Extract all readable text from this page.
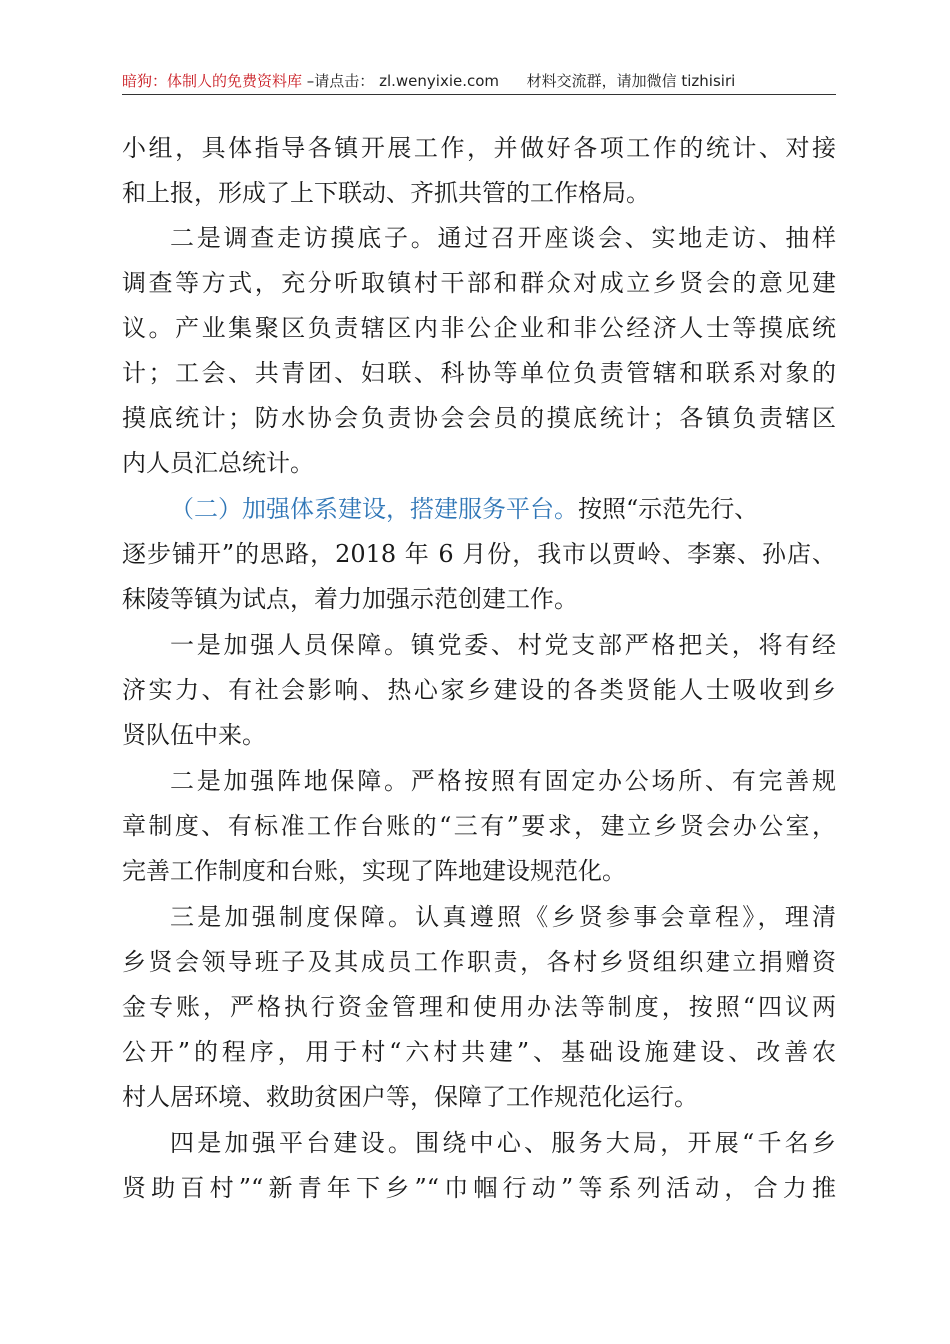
暗狗：体制人的免费资料库 –请点击： zl.wenyixie.com 材料交流群，请加微信 tizhisiri
小组，具体指导各镇开展工作，并做好各项工作的统计、对接
和上报，形成了上下联动、齐抓共管的工作格局。
二是调查走访摸底子。通过召开座谈会、实地走访、抽样
调查等方式，充分听取镇村干部和群众对成立乡贤会的意见建
议。产业集聚区负责辖区内非公企业和非公经济人士等摸底统
计；工会、共青团、妇联、科协等单位负责管辖和联系对象的
摸底统计；防水协会负责协会会员的摸底统计；各镇负责辖区
内人员汇总统计。
（二）加强体系建设，搭建服务平台。按照“示范先行、
逐步铺开”的思路，2018 年 6 月份，我市以贾岭、李寨、孙店、
秣陵等镇为试点，着力加强示范创建工作。
一是加强人员保障。镇党委、村党支部严格把关，将有经
济实力、有社会影响、热心家乡建设的各类贤能人士吸收到乡
贤队伍中来。
二是加强阵地保障。严格按照有固定办公场所、有完善规
章制度、有标准工作台账的“三有”要求，建立乡贤会办公室，
完善工作制度和台账，实现了阵地建设规范化。
三是加强制度保障。认真遵照《乡贤参事会章程》，理清
乡贤会领导班子及其成员工作职责，各村乡贤组织建立捐赠资
金专账，严格执行资金管理和使用办法等制度，按照“四议两
公开”的程序，用于村“六村共建”、基础设施建设、改善农
村人居环境、救助贫困户等，保障了工作规范化运行。
四是加强平台建设。围绕中心、服务大局，开展“千名乡
贤助百村”“新青年下乡”“巾帼行动”等系列活动，合力推
